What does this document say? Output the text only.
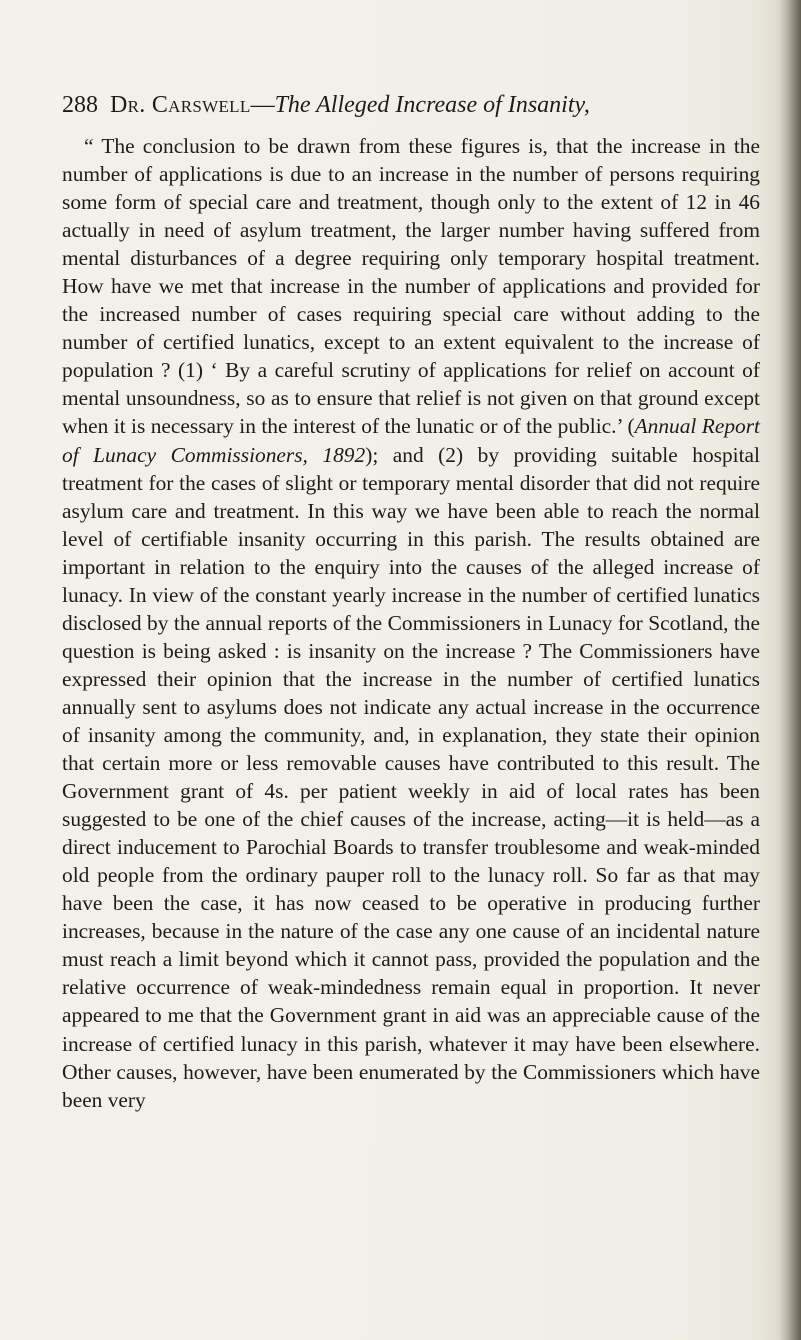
288 Dr. Carswell—The Alleged Increase of Insanity,

“ The conclusion to be drawn from these figures is, that the increase in the number of applications is due to an increase in the number of persons requiring some form of special care and treatment, though only to the extent of 12 in 46 actually in need of asylum treatment, the larger number having suffered from mental disturbances of a degree requiring only temporary hospital treatment. How have we met that increase in the number of applications and provided for the increased number of cases requiring special care without adding to the number of certified lunatics, except to an extent equivalent to the increase of population ? (1) ‘ By a careful scrutiny of applications for relief on account of mental unsoundness, so as to ensure that relief is not given on that ground except when it is necessary in the interest of the lunatic or of the public.’ (Annual Report of Lunacy Commissioners, 1892); and (2) by providing suitable hospital treatment for the cases of slight or temporary mental disorder that did not require asylum care and treatment. In this way we have been able to reach the normal level of certifiable insanity occurring in this parish. The results obtained are important in relation to the enquiry into the causes of the alleged increase of lunacy. In view of the constant yearly increase in the number of certified lunatics disclosed by the annual reports of the Commissioners in Lunacy for Scotland, the question is being asked : is insanity on the increase ? The Commissioners have expressed their opinion that the increase in the number of certified lunatics annually sent to asylums does not indicate any actual increase in the occurrence of insanity among the community, and, in explanation, they state their opinion that certain more or less removable causes have contributed to this result. The Government grant of 4s. per patient weekly in aid of local rates has been suggested to be one of the chief causes of the increase, acting—it is held—as a direct inducement to Parochial Boards to transfer troublesome and weak-minded old people from the ordinary pauper roll to the lunacy roll. So far as that may have been the case, it has now ceased to be operative in producing further increases, because in the nature of the case any one cause of an incidental nature must reach a limit beyond which it cannot pass, provided the population and the relative occurrence of weak-mindedness remain equal in proportion. It never appeared to me that the Government grant in aid was an appreciable cause of the increase of certified lunacy in this parish, whatever it may have been elsewhere. Other causes, however, have been enumerated by the Commissioners which have been very
